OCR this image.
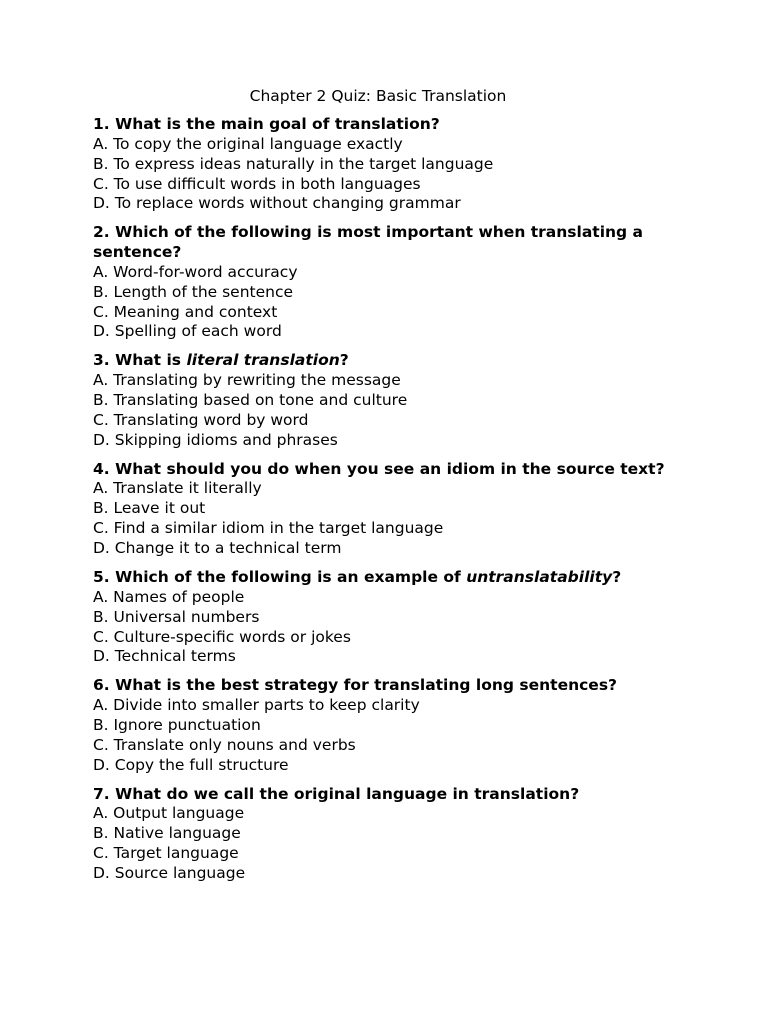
Chapter 2 Quiz: Basic Translation
1. What is the main goal of translation?
A. To copy the original language exactly
B. To express ideas naturally in the target language
C. To use difficult words in both languages
D. To replace words without changing grammar
2. Which of the following is most important when translating a sentence?
A. Word-for-word accuracy
B. Length of the sentence
C. Meaning and context
D. Spelling of each word
3. What is literal translation?
A. Translating by rewriting the message
B. Translating based on tone and culture
C. Translating word by word
D. Skipping idioms and phrases
4. What should you do when you see an idiom in the source text?
A. Translate it literally
B. Leave it out
C. Find a similar idiom in the target language
D. Change it to a technical term
5. Which of the following is an example of untranslatability?
A. Names of people
B. Universal numbers
C. Culture-specific words or jokes
D. Technical terms
6. What is the best strategy for translating long sentences?
A. Divide into smaller parts to keep clarity
B. Ignore punctuation
C. Translate only nouns and verbs
D. Copy the full structure
7. What do we call the original language in translation?
A. Output language
B. Native language
C. Target language
D. Source language
